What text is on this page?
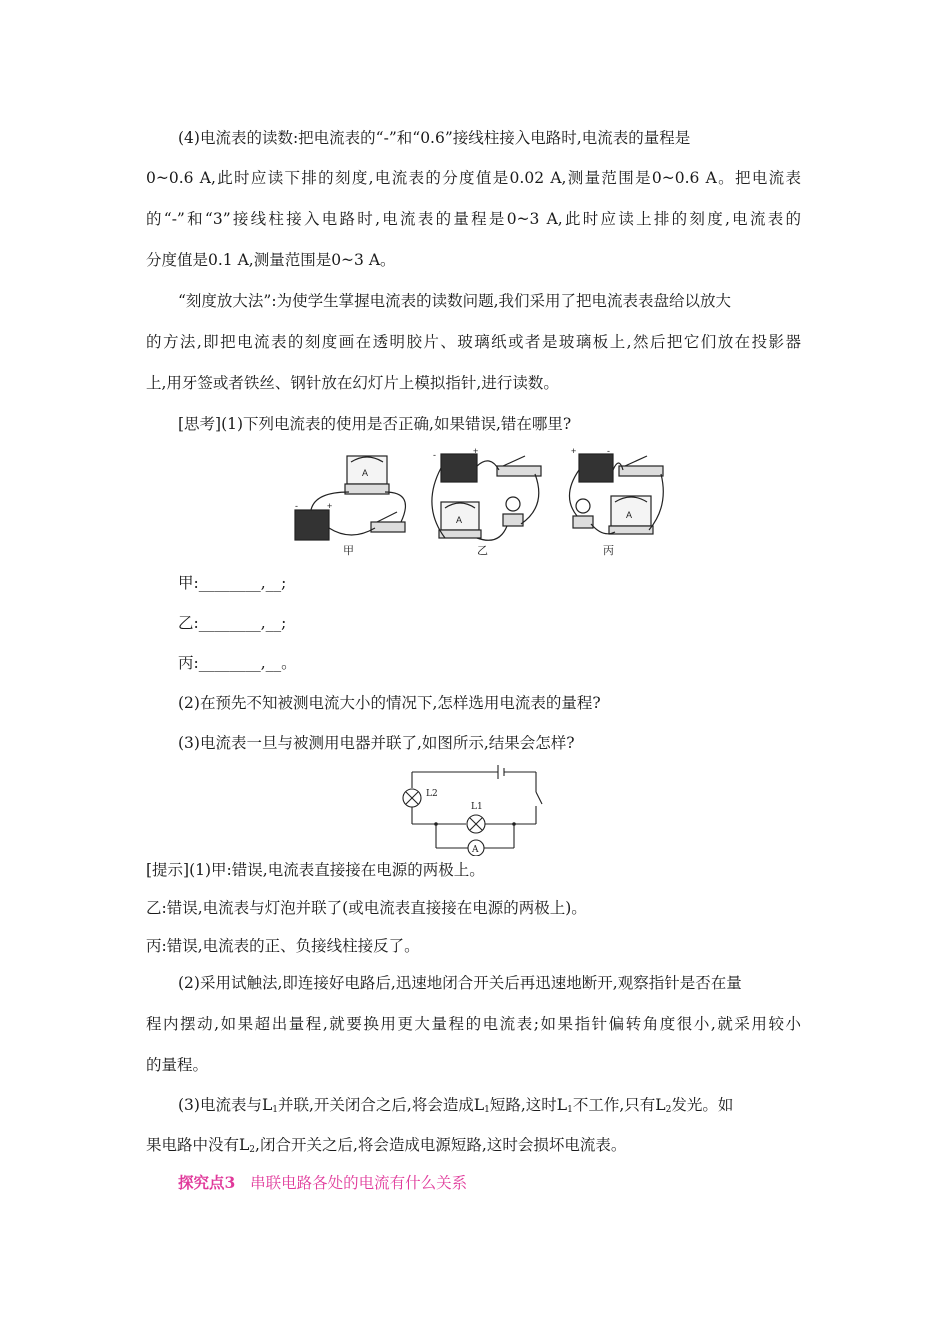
(4)电流表的读数:把电流表的“-”和“0.6”接线柱接入电路时,电流表的量程是
0~0.6 A,此时应读下排的刻度,电流表的分度值是0.02 A,测量范围是0~0.6 A。把电流表
的“-”和“3”接线柱接入电路时,电流表的量程是0~3 A,此时应读上排的刻度,电流表的
分度值是0.1 A,测量范围是0~3 A。
“刻度放大法”:为使学生掌握电流表的读数问题,我们采用了把电流表表盘给以放大
的方法,即把电流表的刻度画在透明胶片、玻璃纸或者是玻璃板上,然后把它们放在投影器
上,用牙签或者铁丝、钢针放在幻灯片上模拟指针,进行读数。
[思考](1)下列电流表的使用是否正确,如果错误,错在哪里?
A
A	A
+
-
+
-	+	-
甲	乙	丙
甲:________,__;
乙:________,__;
丙:________,__。
(2)在预先不知被测电流大小的情况下,怎样选用电流表的量程?
(3)电流表一旦与被测用电器并联了,如图所示,结果会怎样?
L2
L1
A
[提示](1)甲:错误,电流表直接接在电源的两极上。
乙:错误,电流表与灯泡并联了(或电流表直接接在电源的两极上)。
丙:错误,电流表的正、负接线柱接反了。
(2)采用试触法,即连接好电路后,迅速地闭合开关后再迅速地断开,观察指针是否在量
程内摆动,如果超出量程,就要换用更大量程的电流表;如果指针偏转角度很小,就采用较小
的量程。
(3)电流表与$L_1$并联,开关闭合之后,将会造成$L_1$短路,这时$L_1$不工作,只有$L_2$发光。如
果电路中没有$L_2$,闭合开关之后,将会造成电源短路,这时会损坏电流表。
探究点3 串联电路各处的电流有什么关系
